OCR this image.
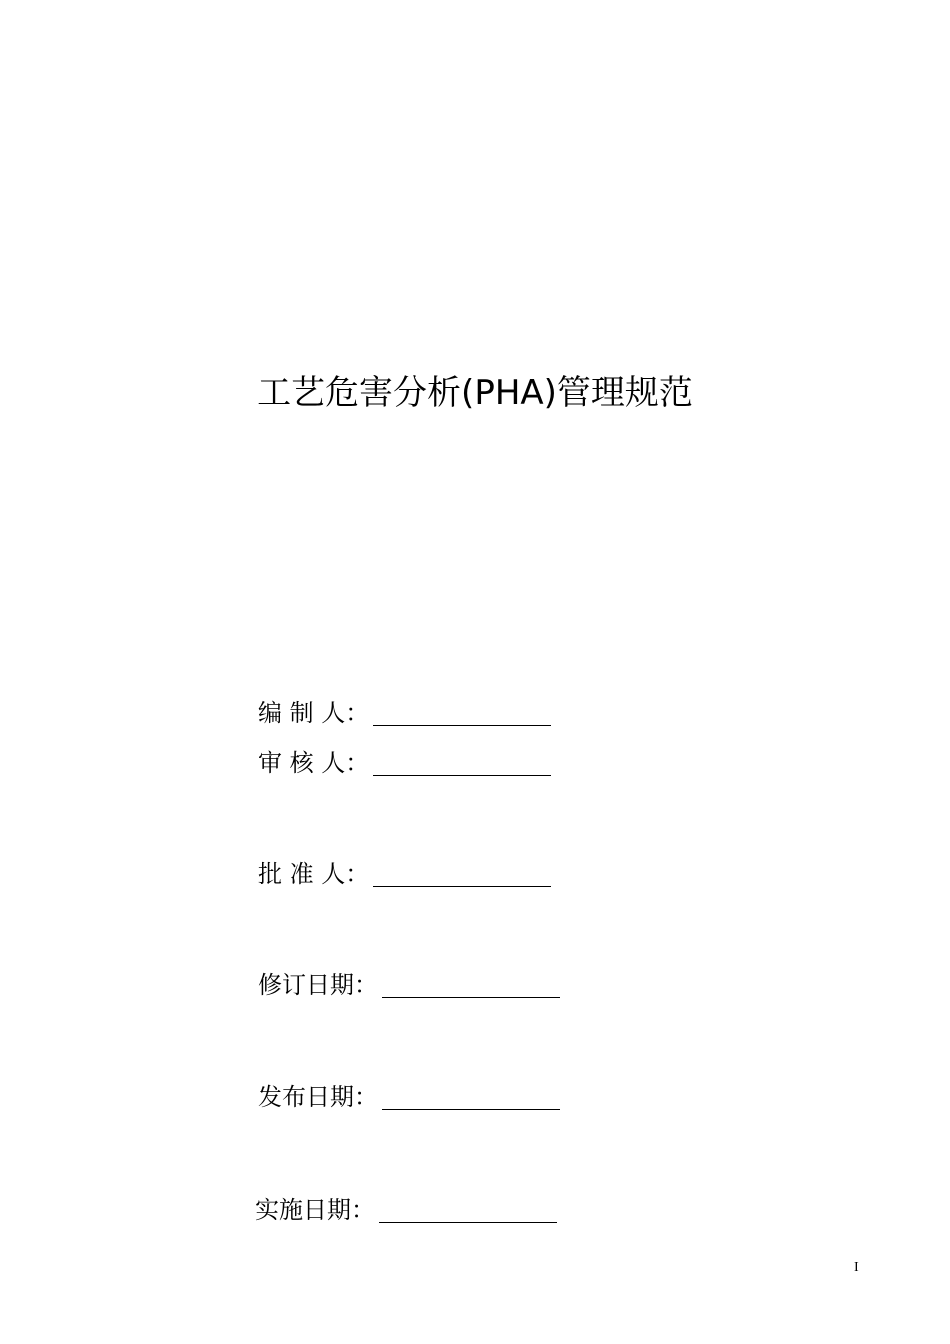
工艺危害分析(PHA)管理规范
编 制 人 ：
审 核 人 ：
批 准 人 ：
修订日期 ：
发布日期 ：
实施日期 ：
I
